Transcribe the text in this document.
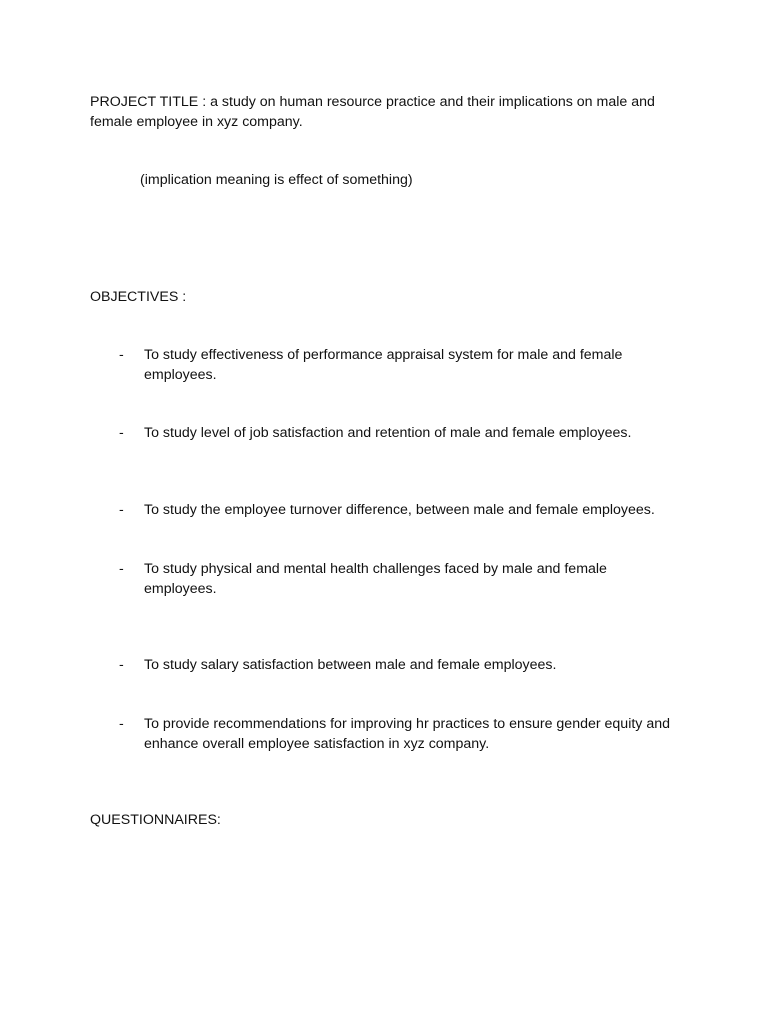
PROJECT TITLE : a study on human resource practice and their implications on male and female employee in xyz company.

(implication meaning is effect of something)

OBJECTIVES :

-	To study effectiveness of performance appraisal system for male and female employees.
-	To study level of job satisfaction and retention of male and female employees.
-	To study the employee turnover difference, between male and female employees.
-	To study physical and mental health challenges faced by male and female employees.
-	To study salary satisfaction between male and female employees.
-	To provide recommendations for improving hr practices to ensure gender equity and enhance overall employee satisfaction in xyz company.

QUESTIONNAIRES:
